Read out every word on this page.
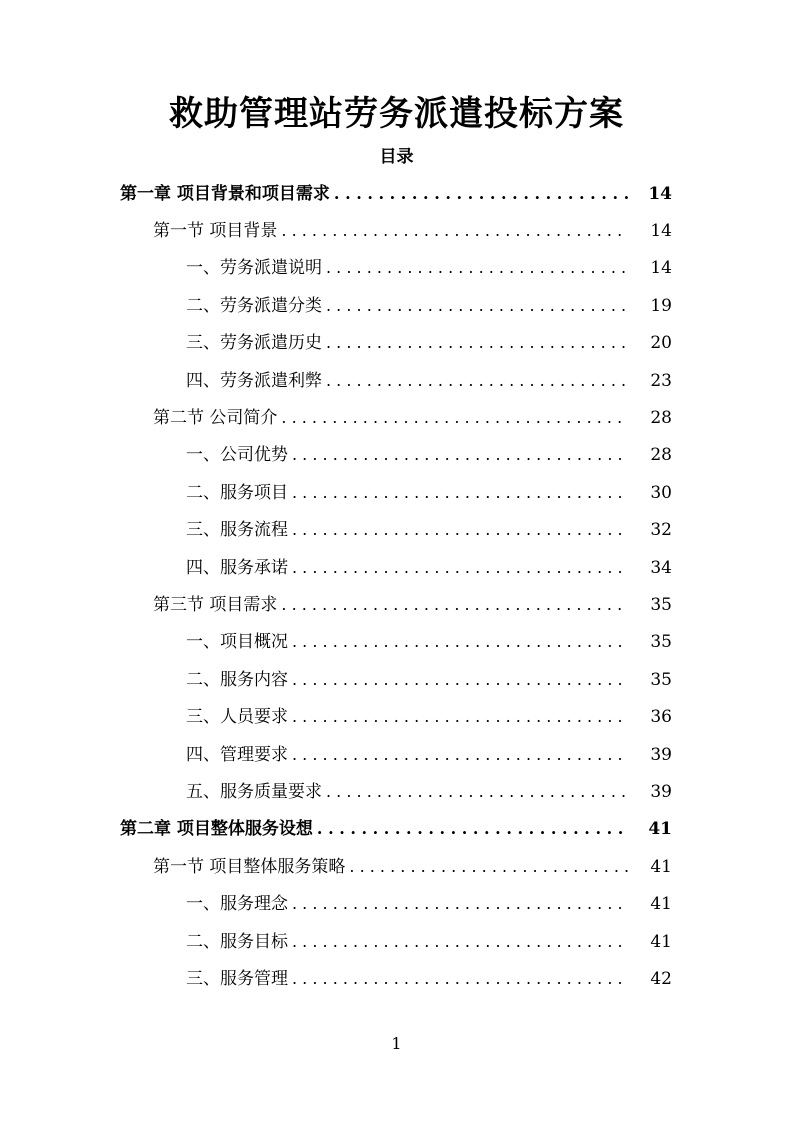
救助管理站劳务派遣投标方案
目录
第一章 项目背景和项目需求 . . .	14
第一节 项目背景 . . .	14
一、劳务派遣说明 . . .	14
二、劳务派遣分类 . . .	19
三、劳务派遣历史 . . .	20
四、劳务派遣利弊 . . .	23
第二节 公司简介 . . .	28
一、公司优势 . . .	28
二、服务项目 . . .	30
三、服务流程 . . .	32
四、服务承诺 . . .	34
第三节 项目需求 . . .	35
一、项目概况 . . .	35
二、服务内容 . . .	35
三、人员要求 . . .	36
四、管理要求 . . .	39
五、服务质量要求 . . .	39
第二章 项目整体服务设想 . . .	41
第一节 项目整体服务策略 . . .	41
一、服务理念 . . .	41
二、服务目标 . . .	41
三、服务管理 . . .	42
1
